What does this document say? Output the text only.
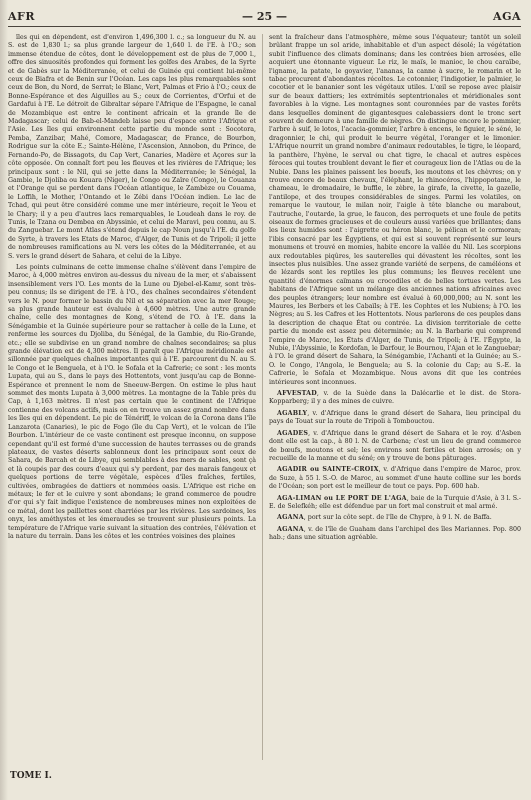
AFR	— 25 —	AGA

îles qui en dépendent, est d'environ 1,496,300 l. c.; sa longueur du N. au S. est de 1,830 l.; sa plus grande largeur de 1,640 l. de l'E. à l'O.; son immense étendue de côtes, dont le développement est de plus de 7,000 l., offre des sinuosités profondes qui forment les golfes des Arabes, de la Syrte et de Gabès sur la Méditerranée, et celui de Guinée qui contient lui-même ceux de Biafra et de Benin sur l'Océan. Les caps les plus remarquables sont ceux de Bon, du Nord, de Serrat; le Blanc, Vert, Palmas et Frio à l'O.; ceux de Bonne-Espérance et des Aiguilles au S.; ceux de Corrientes, d'Orfui et de Gardafui à l'E. Le détroit de Gibraltar sépare l'Afrique de l'Espagne, le canal de Mozambique est entre le continent africain et la grande île de Madagascar; celui de Bab-el-Mandeb laisse peu d'espace entre l'Afrique et l'Asie. Les îles qui environnent cette partie du monde sont : Socotora, Pemba, Zanzibar, Mahé, Comore, Madagascar, de France, de Bourbon, Rodrigue sur la côte E.; Sainte-Hélène, l'Ascension, Annobon, du Prince, de Fernando-Po, de Bissagots, du Cap Vert, Canaries, Madère et Açores sur la côte opposée. On connaît fort peu les fleuves et les rivières de l'Afrique; les principaux sont : le Nil, qui se jette dans la Méditerranée; le Sénégal, la Gambie, le Djoliba ou Kouara (Niger), le Congo ou Zaïre (Congo), le Couanza et l'Orange qui se perdent dans l'Océan atlantique, le Zambèze ou Couama, le Loffih, le Mother, l'Ontando et le Zébi dans l'Océan indien. Le lac de Tchad, qui peut être considéré comme une mer intérieure, reçoit le Yeou et le Chary; il y a peu d'autres lacs remarquables, le Loudeah dans le roy. de Tunis, le Tzana ou Dembea en Abyssinie, et celui de Maravi, peu connu, au S. du Zanguebar. Le mont Atlas s'étend depuis le cap Noun jusqu'à l'E. du golfe de Syrte, à travers les Etats de Maroc, d'Alger, de Tunis et de Tripoli; il jette de nombreuses ramifications au N. vers les côtes de la Méditerranée, et au S. vers le grand désert de Sahara, et celui de la Libye.

Les points culminans de cette immense chaîne s'élèvent dans l'empire de Maroc, à 4,000 mètres environ au-dessus du niveau de la mer, et s'abaissent insensiblement vers l'O. Les monts de la Lune ou Djebel-el-Kamr, sont très-peu connus; ils se dirigent de l'E. à l'O., des chaînes secondaires s'étendent vers le N. pour former le bassin du Nil et sa séparation avec la mer Rouge; sa plus grande hauteur est évaluée à 4,600 mètres. Une autre grande chaîne, celle des montagnes de Kong, s'étend de l'O. à l'E. dans la Sénégambie et la Guinée supérieure pour se rattacher à celle de la Lune, et renferme les sources du Djoliba, du Sénégal, de la Gambie, du Rio-Grande, etc.; elle se subdivise en un grand nombre de chaînes secondaires; sa plus grande élévation est de 4,300 mètres. Il paraît que l'Afrique méridionale est sillonnée par quelques chaînes importantes qui à l'E. parcourent du N. au S. le Congo et le Benguela, et à l'O. le Sofala et la Cafrerie; ce sont : les monts Lupata, qui au S., dans le pays des Hottentots, vont jusqu'au cap de Bonne-Espérance et prennent le nom de Sneeuw-Bergen. On estime le plus haut sommet des monts Lupata à 3,000 mètres. La montagne de la Table près du Cap, à 1,163 mètres. Il n'est pas certain que le continent de l'Afrique contienne des volcans actifs, mais on en trouve un assez grand nombre dans les îles qui en dépendent. Le pic de Ténériff, le volcan de la Corona dans l'île Lanzarota (Canaries), le pic de Fogo (île du Cap Vert), et le volcan de l'île Bourbon. L'intérieur de ce vaste continent est presque inconnu, on suppose cependant qu'il est formé d'une succession de hautes terrasses ou de grands plateaux, de vastes déserts sablonneux dont les principaux sont ceux de Sahara, de Barcah et de Libye, qui semblables à des mers de sables, sont çà et là coupés par des cours d'eaux qui s'y perdent, par des marais fangeux et quelques portions de terre végétale, espèces d'îles fraîches, fertiles, cultivées, ombragées de dattiers et nommées oasis. L'Afrique est riche en métaux; le fer et le cuivre y sont abondans; le grand commerce de poudre d'or qui s'y fait indique l'existence de nombreuses mines non exploitées de ce métal, dont les paillettes sont charriées par les rivières. Les sardoines, les onyx, les améthystes et les émeraudes se trouvent sur plusieurs points. La température de l'Afrique varie suivant la situation des contrées, l'élévation et la nature du terrain. Dans les côtes et les contrées voisines des plaines

sent la fraîcheur dans l'atmosphère, même sous l'équateur; tantôt un soleil brûlant frappe un sol aride, inhabitable et d'un aspect désolé; la végétation subit l'influence des climats dominans; dans les contrées bien arrosées, elle acquiert une étonnante vigueur. Le riz, le maïs, le manioc, le chou caraïbe, l'igname, la patate, le goyavier, l'ananas, la canne à sucre, le romarin et le tabac procurent d'abondantes récoltes. Le cotonnier, l'indigotier, le palmier, le cocotier et le bananier sont les végétaux utiles. L'œil se repose avec plaisir sur de beaux dattiers; les extrémités septentrionales et méridionales sont favorables à la vigne. Les montagnes sont couronnées par de vastes forêts dans lesquelles dominent de gigantesques calebassiers dont le tronc sert souvent de demeure à une famille de nègres. On distingue encore le pommier, l'arbre à suif, le lotos, l'acacia-gommier, l'arbre à encens, le figuier, le séné, le dragonnier, le chi, qui produit le beurre végétal, l'oranger et le limonier. L'Afrique nourrit un grand nombre d'animaux redoutables, le tigre, le léopard, la panthère, l'hyène, le serval ou chat tigre, le chacal et autres espèces féroces qui toutes troublent devant le fier et courageux lion de l'Atlas ou de la Nubie. Dans les plaines paissent les boeufs, les moutons et les chèvres; on y trouve encore de beaux chevaux, l'éléphant, le rhinocéros, l'hippopotame, le chameau, le dromadaire, le buffle, le zèbre, la girafe, la civette, la gazelle, l'antilope, et des troupes considérables de singes. Parmi les volatiles, on remarque le vautour, le milan noir, l'aigle à tête blanche ou marabout, l'autruche, l'outarde, la grue, le faucon, des perroquets et une foule de petits oiseaux de formes gracieuses et de couleurs aussi variées que brillantes; dans les lieux humides sont : l'aigrette ou héron blanc, le pélican et le cormoran; l'ibis consacré par les Égyptiens, et qui est si souvent représenté sur leurs monumens et trouvé en momies, habite encore la vallée du Nil. Les scorpions aux redoutables piqûres, les sauterelles qui dévastent les récoltes, sont les insectes plus nuisibles. Une assez grande variété de serpens, de caméléons et de lézards sont les reptiles les plus communs; les fleuves recèlent une quantité d'énormes caïmans ou crocodiles et de belles tortues vertes. Les habitans de l'Afrique sont un mélange des anciennes nations africaines avec des peuples étrangers; leur nombre est évalué à 60,000,000; au N. sont les Maures, les Berbers et les Cabaïls; à l'E. les Cophtes et les Nubiens; à l'O. les Nègres; au S. les Cafres et les Hottentots. Nous parlerons de ces peuples dans la description de chaque État ou contrée. La division territoriale de cette partie du monde est assez peu déterminée; au N. la Barbarie qui comprend l'empire de Maroc, les États d'Alger, de Tunis, de Tripoli; à l'E. l'Égypte, la Nubie, l'Abyssinie, le Kordofan, le Darfour, le Bournou, l'Ajan et le Zanguebar; à l'O. le grand désert de Sahara, la Sénégambie, l'Achanti et la Guinée; au S.-O. le Congo, l'Angola, le Benguela; au S. la colonie du Cap; au S.-E. la Cafrerie, le Sofala et Mozambique. Nous avons dit que les contrées intérieures sont inconnues.

AFVESTAD, v. de la Suède dans la Dalécarlie et le dist. de Stora-Kopparberg; il y a des mines de cuivre.

AGABLY, v. d'Afrique dans le grand désert de Sahara, lieu principal du pays de Touat sur la route de Tripoli à Tombouctou.

AGADES, v. d'Afrique dans le grand désert de Sahara et le roy. d'Asben dont elle est la cap., à 80 l. N. de Carbena; c'est un lieu de grand commerce de bœufs, moutons et sel; les environs sont fertiles et bien arrosés; on y recueille de la manne et du séné; on y trouve de bons pâturages.

AGADIR ou SAINTE-CROIX, v. d'Afrique dans l'empire de Maroc, prov. de Suze, à 55 l. S.-O. de Maroc, au sommet d'une haute colline sur les bords de l'Océan; son port est le meilleur de tout ce pays. Pop. 600 hab.

AGA-LIMAN ou LE PORT DE L'AGA, baie de la Turquie d'Asie, à 3 l. S.-E. de Selefkéh; elle est défendue par un fort mal construit et mal armé.

AGANA, port sur la côte sept. de l'île de Chypre, à 9 l. N. de Baffa.

AGANA, v. de l'île de Guaham dans l'archipel des îles Mariannes. Pop. 800 hab.; dans une situation agréable.

TOME I.
